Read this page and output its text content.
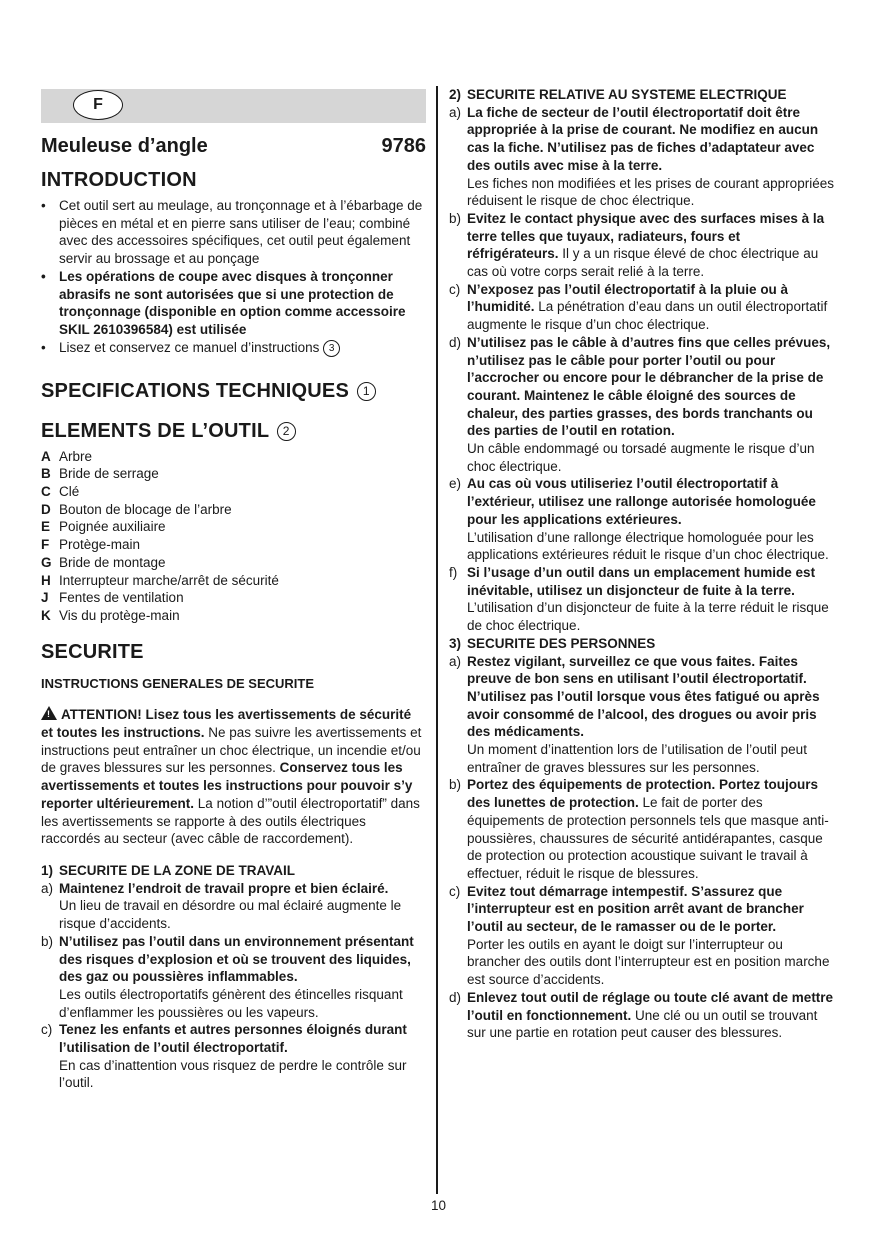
F
Meuleuse d’angle	9786
INTRODUCTION
• Cet outil sert au meulage, au tronçonnage et à l’ébarbage de pièces en métal et en pierre sans utiliser de l’eau; combiné avec des accessoires spécifiques, cet outil peut également servir au brossage et au ponçage
• Les opérations de coupe avec disques à tronçonner abrasifs ne sont autorisées que si une protection de tronçonnage (disponible en option comme accessoire SKIL 2610396584) est utilisée
• Lisez et conservez ce manuel d’instructions 3
SPECIFICATIONS TECHNIQUES 1
ELEMENTS DE L’OUTIL 2
A Arbre
B Bride de serrage
C Clé
D Bouton de blocage de l’arbre
E Poignée auxiliaire
F Protège-main
G Bride de montage
H Interrupteur marche/arrêt de sécurité
J Fentes de ventilation
K Vis du protège-main
SECURITE
INSTRUCTIONS GENERALES DE SECURITE
! ATTENTION! Lisez tous les avertissements de sécurité et toutes les instructions. Ne pas suivre les avertissements et instructions peut entraîner un choc électrique, un incendie et/ou de graves blessures sur les personnes. Conservez tous les avertissements et toutes les instructions pour pouvoir s’y reporter ultérieurement. La notion d’”outil électroportatif” dans les avertissements se rapporte à des outils électriques raccordés au secteur (avec câble de raccordement).
1) SECURITE DE LA ZONE DE TRAVAIL
a) Maintenez l’endroit de travail propre et bien éclairé.
Un lieu de travail en désordre ou mal éclairé augmente le risque d’accidents.
b) N’utilisez pas l’outil dans un environnement présentant des risques d’explosion et où se trouvent des liquides, des gaz ou poussières inflammables.
Les outils électroportatifs génèrent des étincelles risquant d’enflammer les poussières ou les vapeurs.
c) Tenez les enfants et autres personnes éloignés durant l’utilisation de l’outil électroportatif.
En cas d’inattention vous risquez de perdre le contrôle sur l’outil.
2) SECURITE RELATIVE AU SYSTEME ELECTRIQUE
a) La fiche de secteur de l’outil électroportatif doit être appropriée à la prise de courant. Ne modifiez en aucun cas la fiche. N’utilisez pas de fiches d’adaptateur avec des outils avec mise à la terre.
Les fiches non modifiées et les prises de courant appropriées réduisent le risque de choc électrique.
b) Evitez le contact physique avec des surfaces mises à la terre telles que tuyaux, radiateurs, fours et réfrigérateurs. Il y a un risque élevé de choc électrique au cas où votre corps serait relié à la terre.
c) N’exposez pas l’outil électroportatif à la pluie ou à l’humidité. La pénétration d’eau dans un outil électroportatif augmente le risque d’un choc électrique.
d) N’utilisez pas le câble à d’autres fins que celles prévues, n’utilisez pas le câble pour porter l’outil ou pour l’accrocher ou encore pour le débrancher de la prise de courant. Maintenez le câble éloigné des sources de chaleur, des parties grasses, des bords tranchants ou des parties de l’outil en rotation.
Un câble endommagé ou torsadé augmente le risque d’un choc électrique.
e) Au cas où vous utiliseriez l’outil électroportatif à l’extérieur, utilisez une rallonge autorisée homologuée pour les applications extérieures.
L’utilisation d’une rallonge électrique homologuée pour les applications extérieures réduit le risque d’un choc électrique.
f) Si l’usage d’un outil dans un emplacement humide est inévitable, utilisez un disjoncteur de fuite à la terre. L’utilisation d’un disjoncteur de fuite à la terre réduit le risque de choc électrique.
3) SECURITE DES PERSONNES
a) Restez vigilant, surveillez ce que vous faites. Faites preuve de bon sens en utilisant l’outil électroportatif. N’utilisez pas l’outil lorsque vous êtes fatigué ou après avoir consommé de l’alcool, des drogues ou avoir pris des médicaments.
Un moment d’inattention lors de l’utilisation de l’outil peut entraîner de graves blessures sur les personnes.
b) Portez des équipements de protection. Portez toujours des lunettes de protection. Le fait de porter des équipements de protection personnels tels que masque anti-poussières, chaussures de sécurité antidérapantes, casque de protection ou protection acoustique suivant le travail à effectuer, réduit le risque de blessures.
c) Evitez tout démarrage intempestif. S’assurez que l’interrupteur est en position arrêt avant de brancher l’outil au secteur, de le ramasser ou de le porter.
Porter les outils en ayant le doigt sur l’interrupteur ou brancher des outils dont l’interrupteur est en position marche est source d’accidents.
d) Enlevez tout outil de réglage ou toute clé avant de mettre l’outil en fonctionnement. Une clé ou un outil se trouvant sur une partie en rotation peut causer des blessures.
10
